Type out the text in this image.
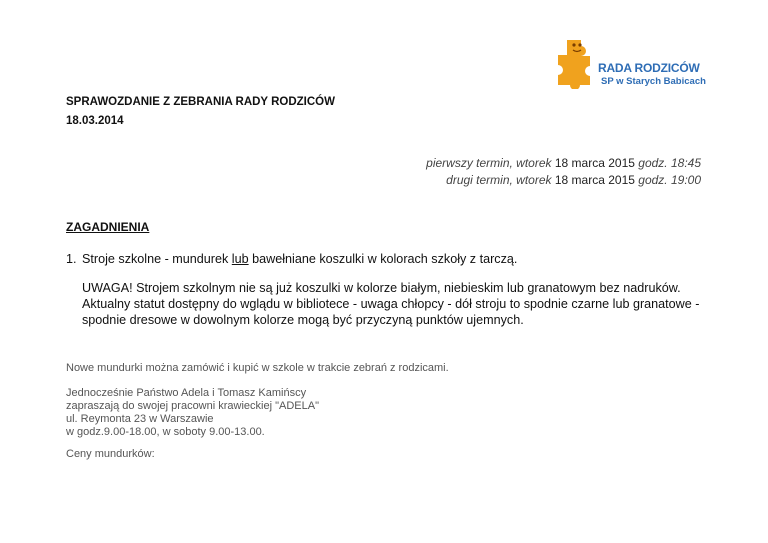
RADA RODZICÓW
SP w Starych Babicach
SPRAWOZDANIE Z ZEBRANIA RADY RODZICÓW
18.03.2014
pierwszy termin, wtorek 18 marca 2015 godz. 18:45
drugi termin, wtorek 18 marca 2015 godz. 19:00
ZAGADNIENIA
1. Stroje szkolne - mundurek lub bawełniane koszulki w kolorach szkoły z tarczą.
UWAGA! Strojem szkolnym nie są już koszulki w kolorze białym, niebieskim lub granatowym bez nadruków. Aktualny statut dostępny do wglądu w bibliotece - uwaga chłopcy - dół stroju to spodnie czarne lub granatowe - spodnie dresowe w dowolnym kolorze mogą być przyczyną punktów ujemnych.
Nowe mundurki można zamówić i kupić w szkole w trakcie zebrań z rodzicami.
Jednocześnie Państwo Adela i Tomasz Kamińscy
zapraszają do swojej pracowni krawieckiej "ADELA"
ul. Reymonta 23 w Warszawie
w godz.9.00-18.00, w soboty 9.00-13.00.
Ceny mundurków:
